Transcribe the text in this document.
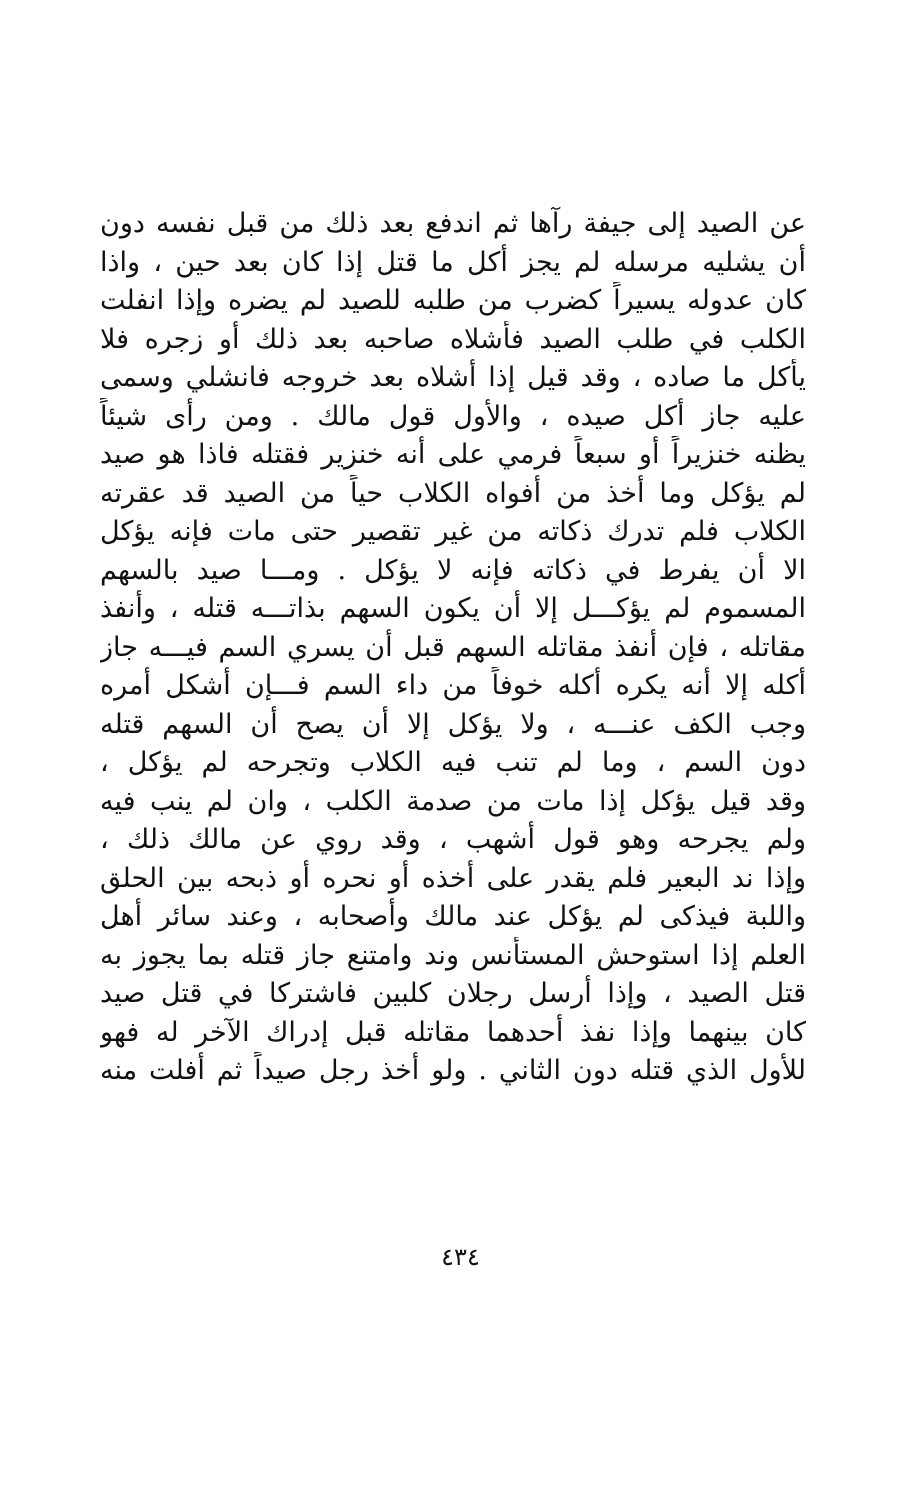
عن الصيد إلى جيفة رآها ثم اندفع بعد ذلك من قبل نفسه دون
أن يشليه مرسله لم يجز أكل ما قتل إذا كان بعد حين ، واذا
كان عدوله يسيراً كضرب من طلبه للصيد لم يضره وإذا انفلت
الكلب في طلب الصيد فأشلاه صاحبه بعد ذلك أو زجره فلا
يأكل ما صاده ، وقد قيل إذا أشلاه بعد خروجه فانشلي وسمى
عليه جاز أكل صيده ، والأول قول مالك . ومن رأى شيئاً
يظنه خنزيراً أو سبعاً فرمي على أنه خنزير فقتله فاذا هو صيد
لم يؤكل وما أخذ من أفواه الكلاب حياً من الصيد قد عقرته
الكلاب فلم تدرك ذكاته من غير تقصير حتى مات فإنه يؤكل
الا أن يفرط في ذكاته فإنه لا يؤكل . ومـــا صيد بالسهم
المسموم لم يؤكـــل إلا أن يكون السهم بذاتـــه قتله ، وأنفذ
مقاتله ، فإن أنفذ مقاتله السهم قبل أن يسري السم فيـــه جاز
أكله إلا أنه يكره أكله خوفاً من داء السم فـــإن أشكل أمره
وجب الكف عنـــه ، ولا يؤكل إلا أن يصح أن السهم قتله
دون السم ، وما لم تنب فيه الكلاب وتجرحه لم يؤكل ،
وقد قيل يؤكل إذا مات من صدمة الكلب ، وان لم ينب فيه
ولم يجرحه وهو قول أشهب ، وقد روي عن مالك ذلك ،
وإذا ند البعير فلم يقدر على أخذه أو نحره أو ذبحه بين الحلق
واللبة فيذكى لم يؤكل عند مالك وأصحابه ، وعند سائر أهل
العلم إذا استوحش المستأنس وند وامتنع جاز قتله بما يجوز به
قتل الصيد ، وإذا أرسل رجلان كلبين فاشتركا في قتل صيد
كان بينهما وإذا نفذ أحدهما مقاتله قبل إدراك الآخر له فهو
للأول الذي قتله دون الثاني . ولو أخذ رجل صيداً ثم أفلت منه
٤٣٤
